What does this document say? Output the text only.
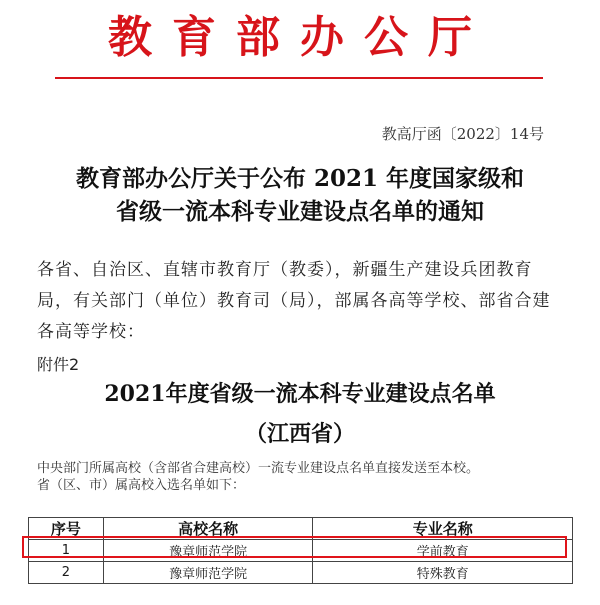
教育部办公厅
教高厅函〔2022〕14号
教育部办公厅关于公布 2021 年度国家级和
省级一流本科专业建设点名单的通知
各省、自治区、直辖市教育厅（教委），新疆生产建设兵团教育局，有关部门（单位）教育司（局），部属各高等学校、部省合建各高等学校：
附件2
2021年度省级一流本科专业建设点名单
（江西省）
中央部门所属高校（含部省合建高校）一流专业建设点名单直接发送至本校。
省（区、市）属高校入选名单如下：
序号	高校名称	专业名称
1	豫章师范学院	学前教育
2	豫章师范学院	特殊教育
